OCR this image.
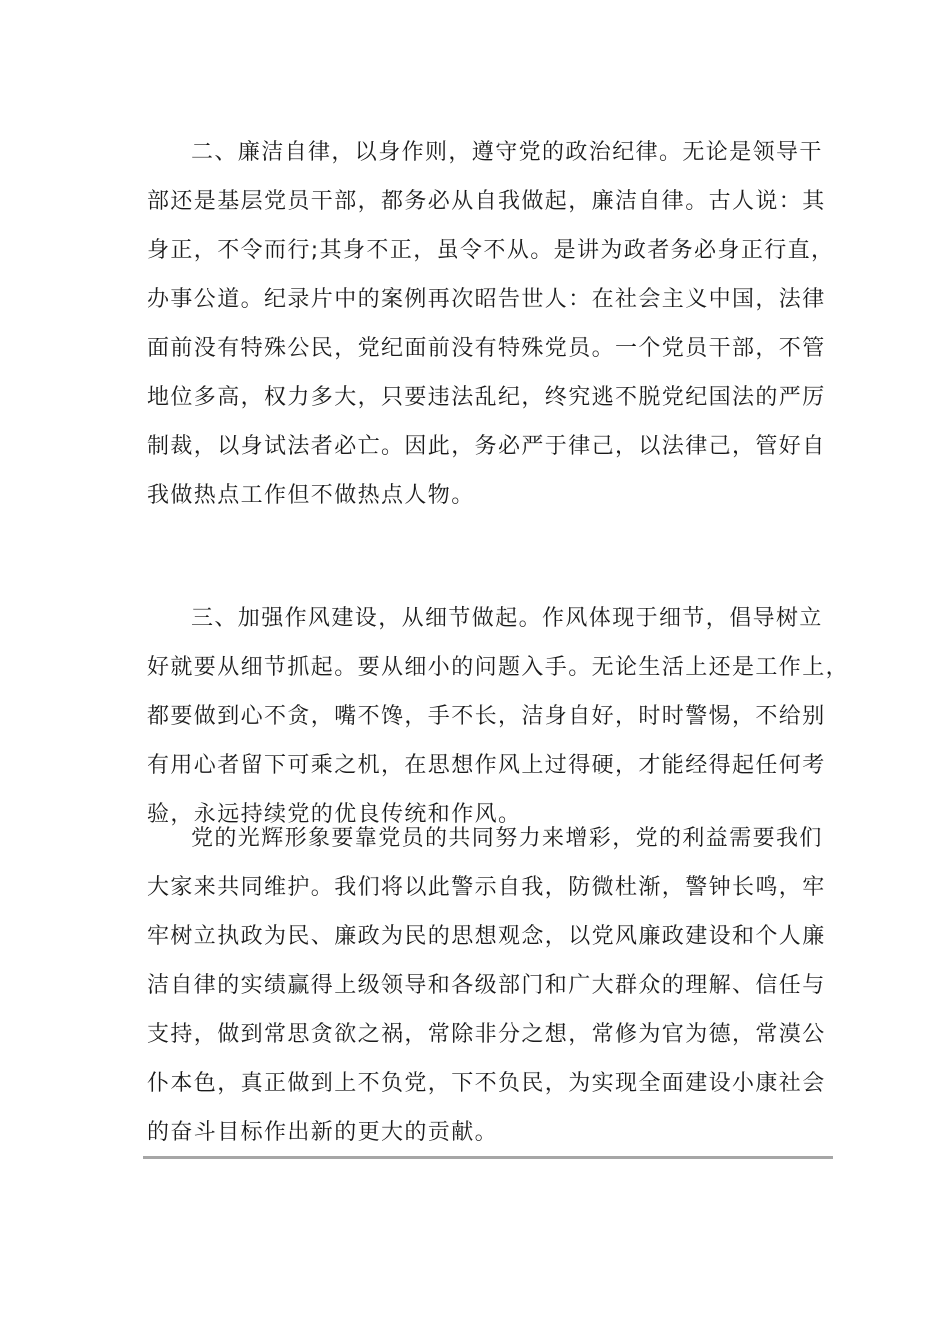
二、廉洁自律，以身作则，遵守党的政治纪律。无论是领导干
部还是基层党员干部，都务必从自我做起，廉洁自律。古人说：其
身正，不令而行;其身不正，虽令不从。是讲为政者务必身正行直，
办事公道。纪录片中的案例再次昭告世人：在社会主义中国，法律
面前没有特殊公民，党纪面前没有特殊党员。一个党员干部，不管
地位多高，权力多大，只要违法乱纪，终究逃不脱党纪国法的严厉
制裁，以身试法者必亡。因此，务必严于律己，以法律己，管好自
我做热点工作但不做热点人物。
三、加强作风建设，从细节做起。作风体现于细节，倡导树立
好就要从细节抓起。要从细小的问题入手。无论生活上还是工作上，
都要做到心不贪，嘴不馋，手不长，洁身自好，时时警惕，不给别
有用心者留下可乘之机，在思想作风上过得硬，才能经得起任何考
验，永远持续党的优良传统和作风。
党的光辉形象要靠党员的共同努力来增彩，党的利益需要我们
大家来共同维护。我们将以此警示自我，防微杜渐，警钟长鸣，牢
牢树立执政为民、廉政为民的思想观念，以党风廉政建设和个人廉
洁自律的实绩赢得上级领导和各级部门和广大群众的理解、信任与
支持，做到常思贪欲之祸，常除非分之想，常修为官为德，常漠公
仆本色，真正做到上不负党，下不负民，为实现全面建设小康社会
的奋斗目标作出新的更大的贡献。
